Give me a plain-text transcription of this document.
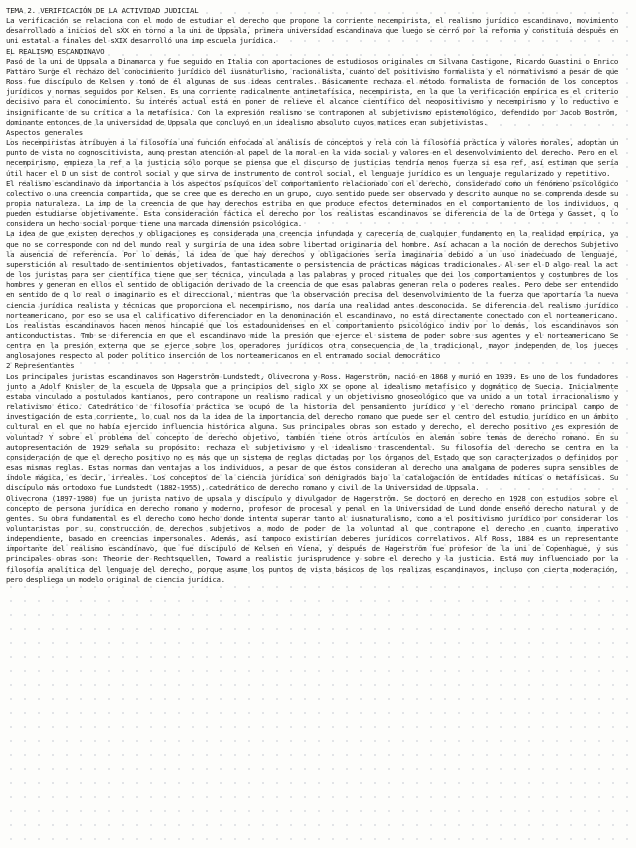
TEMA 2. VERIFICACIÓN DE LA ACTIVIDAD JUDICIAL

La verificación se relaciona con el modo de estudiar el derecho que propone la corriente necempirista, el realismo jurídico escandinavo, movimiento desarrollado a inicios del sXX en torno a la uni de Uppsala, primera universidad escandinava que luego se cerró por la reforma y constituía después en uni estatal a finales del sXIX desarrolló una imp escuela jurídica.

EL REALISMO ESCANDINAVO

Pasó de la uni de Uppsala a Dinamarca y fue seguido en Italia con aportaciones de estudiosos originales cm Silvana Castigone, Ricardo Guastini o Enrico Pattaro Surge el rechazo del conocimiento jurídico del iusnaturlismo, racionalista, cuanto del positivismo formalista y el normativismo a pesar de que Ross fue discípulo de Kelsen y tomó de él algunas de sus ideas centrales. Básicamente rechaza el método formalista de formación de los conceptos jurídicos y normas seguidos por Kelsen. Es una corriente radicalmente antimetafísica, necempirista, en la que la verificación empírica es el criterio decisivo para el conocimiento. Su interés actual está en poner de relieve el alcance científico del neopositivismo y necempirismo y lo reductivo e insignificante de su crítica a la metafísica. Con la expresión realismo se contraponen al subjetivismo epistemológico, defendido por Jacob Boström, dominante entonces de la universidad de Uppsala que concluyó en un idealismo absoluto cuyos matices eran subjetivistas.

Aspectos generales

Los necempiristas atribuyen a la filosofía una función enfocada al análisis de conceptos y rela con la filosofía práctica y valores morales, adoptan un punto de vista no cognoscitivista, aunq prestan atención al papel de la moral en la vida social y valores en el desenvolvimiento del derecho. Pero en el necempirismo, empieza la ref a la justicia sólo porque se piensa que el discurso de justicias tendría menos fuerza si esa ref, así estiman que sería útil hacer el D un sist de control social y que sirva de instrumento de control social, el lenguaje jurídico es un lenguaje regularizado y repetitivo.

El realismo escandinavo da importancia a los aspectos psíquicos del comportamiento relacionado con el derecho, considerado como un fenómeno psicológico colectivo o una creencia compartida, que se cree que es derecho en un grupo, cuyo sentido puede ser observado y descrito aunque no se comprenda desde su propia naturaleza. La imp de la creencia de que hay derechos estriba en que produce efectos determinados en el comportamiento de los individuos, q pueden estudiarse objetivamente. Esta consideración fáctica el derecho por los realistas escandinavos se diferencia de la de Ortega y Gasset, q lo considera un hecho social porque tiene una marcada dimensión psicológica.

La idea de que existen derechos y obligaciones es considerada una creencia infundada y carecería de cualquier fundamento en la realidad empírica, ya que no se corresponde con nd del mundo real y surgiría de una idea sobre libertad originaria del hombre. Así achacan a la noción de derechos Subjetivo la ausencia de referencia. Por lo demás, la idea de que hay derechos y obligaciones sería imaginaria debido a un uso inadecuado de lenguaje, superstición al resultado de sentimientos objetivados, fantasticamente o persistencia de prácticas mágicas tradicionales. Al ser el D algo real la act de los juristas para ser científica tiene que ser técnica, vinculada a las palabras y proced rituales que dei los comportamientos y costumbres de los hombres y generan en ellos el sentido de obligación derivado de la creencia de que esas palabras generan rela o poderes reales. Pero debe ser entendido en sentido de q lo real o imaginario es el direccional, mientras que la observación precisa del desenvolvimiento de la fuerza que aportaría la nueva ciencia jurídica realista y técnicas que proporciona el necempirismo, nos daría una realidad antes desconocida. Se diferencia del realismo jurídico norteamericano, por eso se usa el calificativo diferenciador en la denominación el escandinavo, no está directamente conectado con el norteamericano. Los realistas escandinavos hacen menos hincapié que los estadounidenses en el comportamiento psicológico indiv por lo demás, los escandinavos son anticonductistas. Tmb se diferencia en que el escandinavo mide la presión que ejerce el sistema de poder sobre sus agentes y el norteamericano Se centra en la presión externa que se ejerce sobre los operadores jurídicos otra consecuencia de la tradicional, mayor independen de los jueces anglosajones respecto al poder político inserción de los norteamericanos en el entramado social democrático

2 Representantes

Los principales juristas escandinavos son Hagerström Lundstedt, Olivecrona y Ross. Hagerström, nació en 1868 y murió en 1939. Es uno de los fundadores junto a Adolf Knisler de la escuela de Uppsala que a principios del siglo XX se opone al idealismo metafísico y dogmático de Suecia. Inicialmente estaba vinculado a postulados kantianos, pero contrapone un realismo radical y un objetivismo gnoseológico que va unido a un total irracionalismo y relativismo ético. Catedrático de filosofía práctica se ocupó de la historia del pensamiento jurídico y el derecho romano principal campo de investigación de esta corriente, lo cual nos da la idea de la importancia del derecho romano que puede ser el centro del estudio jurídico en un ámbito cultural en el que no había ejercido influencia histórica alguna. Sus principales obras son estado y derecho, el derecho positivo ¿es expresión de voluntad? Y sobre el problema del concepto de derecho objetivo, también tiene otros artículos en alemán sobre temas de derecho romano. En su autopresentación de 1929 señala su propósito: rechaza el subjetivismo y el idealismo trascendental. Su filosofía del derecho se centra en la consideración de que el derecho positivo no es más que un sistema de reglas dictadas por los órganos del Estado que son caracterizados o definidos por esas mismas reglas. Estas normas dan ventajas a los individuos, a pesar de que éstos consideran al derecho una amalgama de poderes supra sensibles de índole mágica, es decir, irreales. Los conceptos de la ciencia jurídica son denigrados bajo la catalogación de entidades míticas o metafísicas. Su discípulo más ortodoxo fue Lundstedt (1882-1955), catedrático de derecho romano y civil de la Universidad de Uppsala.

Olivecrona (1897-1980) fue un jurista nativo de upsala y discípulo y divulgador de Hagerström. Se doctoró en derecho en 1928 con estudios sobre el concepto de persona jurídica en derecho romano y moderno, profesor de procesal y penal en la Universidad de Lund donde enseñó derecho natural y de gentes. Su obra fundamental es el derecho como hecho donde intenta superar tanto al iusnaturalismo, como a el positivismo jurídico por considerar los voluntaristas por su construcción de derechos subjetivos a modo de poder de la voluntad al que contrapone el derecho en cuanto imperativo independiente, basado en creencias impersonales. Además, así tampoco existirían deberes jurídicos correlativos. Alf Ross, 1884 es un representante importante del realismo escandinavo, que fue discípulo de Kelsen en Viena, y después de Hagerström fue profesor de la uni de Copenhague, y sus principales obras son: Theorie der Rechtsquellen, Toward a realistic jurisprudence y sobre el derecho y la justicia. Está muy influenciado por la filosofía analítica del lenguaje del derecho, porque asume los puntos de vista básicos de los realizas escandinavos, incluso con cierta moderación, pero despliega un modelo original de ciencia jurídica.
